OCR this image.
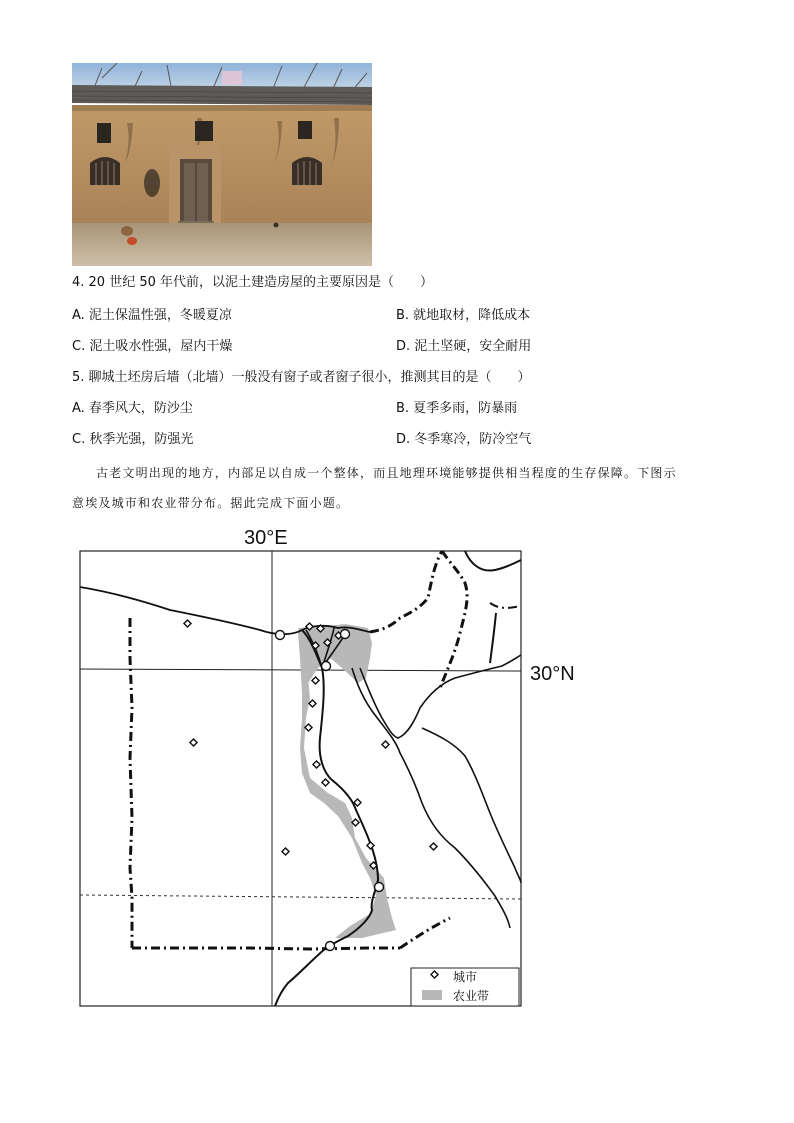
4. 20 世纪 50 年代前，以泥土建造房屋的主要原因是（　　）
A. 泥土保温性强，冬暖夏凉	B. 就地取材，降低成本
C. 泥土吸水性强，屋内干燥	D. 泥土坚硬，安全耐用
5. 聊城土坯房后墙（北墙）一般没有窗子或者窗子很小，推测其目的是（　　）
A. 春季风大，防沙尘	B. 夏季多雨，防暴雨
C. 秋季光强，防强光	D. 冬季寒冷，防冷空气
古老文明出现的地方，内部足以自成一个整体，而且地理环境能够提供相当程度的生存保障。下图示
意埃及城市和农业带分布。据此完成下面小题。
30°E
30°N
城市
农业带
